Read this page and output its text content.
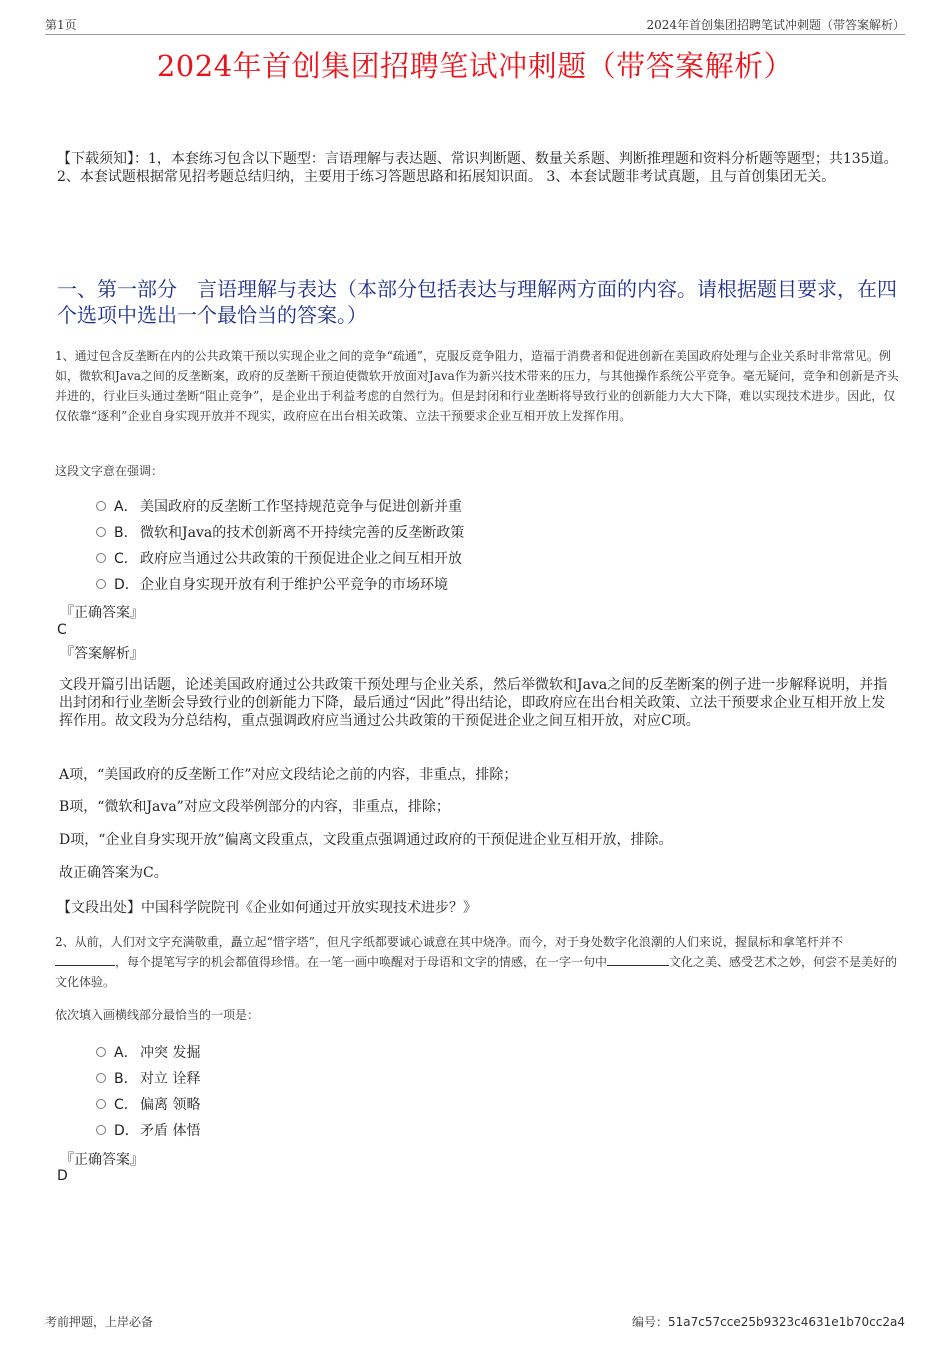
第1页	2024年首创集团招聘笔试冲刺题（带答案解析）
2024年首创集团招聘笔试冲刺题（带答案解析）
【下载须知】：1，本套练习包含以下题型：言语理解与表达题、常识判断题、数量关系题、判断推理题和资料分析题等题型；共135道。 2、本套试题根据常见招考题总结归纳，主要用于练习答题思路和拓展知识面。 3、本套试题非考试真题，且与首创集团无关。
一、第一部分　言语理解与表达（本部分包括表达与理解两方面的内容。请根据题目要求，在四个选项中选出一个最恰当的答案。）
1、通过包含反垄断在内的公共政策干预以实现企业之间的竞争“疏通”，克服反竞争阻力，造福于消费者和促进创新在美国政府处理与企业关系时非常常见。例如，微软和Java之间的反垄断案，政府的反垄断干预迫使微软开放面对Java作为新兴技术带来的压力，与其他操作系统公平竞争。毫无疑问，竞争和创新是齐头并进的，行业巨头通过垄断“阻止竞争”，是企业出于利益考虑的自然行为。但是封闭和行业垄断将导致行业的创新能力大大下降，难以实现技术进步。因此，仅仅依靠“逐利”企业自身实现开放并不现实，政府应在出台相关政策、立法干预要求企业互相开放上发挥作用。
这段文字意在强调：
A． 美国政府的反垄断工作坚持规范竞争与促进创新并重
B． 微软和Java的技术创新离不开持续完善的反垄断政策
C． 政府应当通过公共政策的干预促进企业之间互相开放
D．企业自身实现开放有利于维护公平竞争的市场环境
『正确答案』
C
『答案解析』
文段开篇引出话题，论述美国政府通过公共政策干预处理与企业关系，然后举微软和Java之间的反垄断案的例子进一步解释说明，并指出封闭和行业垄断会导致行业的创新能力下降，最后通过“因此”得出结论，即政府应在出台相关政策、立法干预要求企业互相开放上发挥作用。故文段为分总结构，重点强调政府应当通过公共政策的干预促进企业之间互相开放，对应C项。
A项，“美国政府的反垄断工作”对应文段结论之前的内容，非重点，排除；
B项，“微软和Java”对应文段举例部分的内容，非重点，排除；
D项，“企业自身实现开放”偏离文段重点，文段重点强调通过政府的干预促进企业互相开放，排除。
故正确答案为C。
【文段出处】中国科学院院刊《企业如何通过开放实现技术进步？》
2、从前，人们对文字充满敬重，矗立起“惜字塔”，但凡字纸都要诚心诚意在其中烧净。而今，对于身处数字化浪潮的人们来说，握鼠标和拿笔杆并不，每个提笔写字的机会都值得珍惜。在一笔一画中唤醒对于母语和文字的情感，在一字一句中	文化之美、感受艺术之妙，何尝不是美好的文化体验。
依次填入画横线部分最恰当的一项是：
A． 冲突 发掘
B． 对立 诠释
C． 偏离 领略
D．矛盾 体悟
『正确答案』
D
考前押题，上岸必备	编号：51a7c57cce25b9323c4631e1b70cc2a4
